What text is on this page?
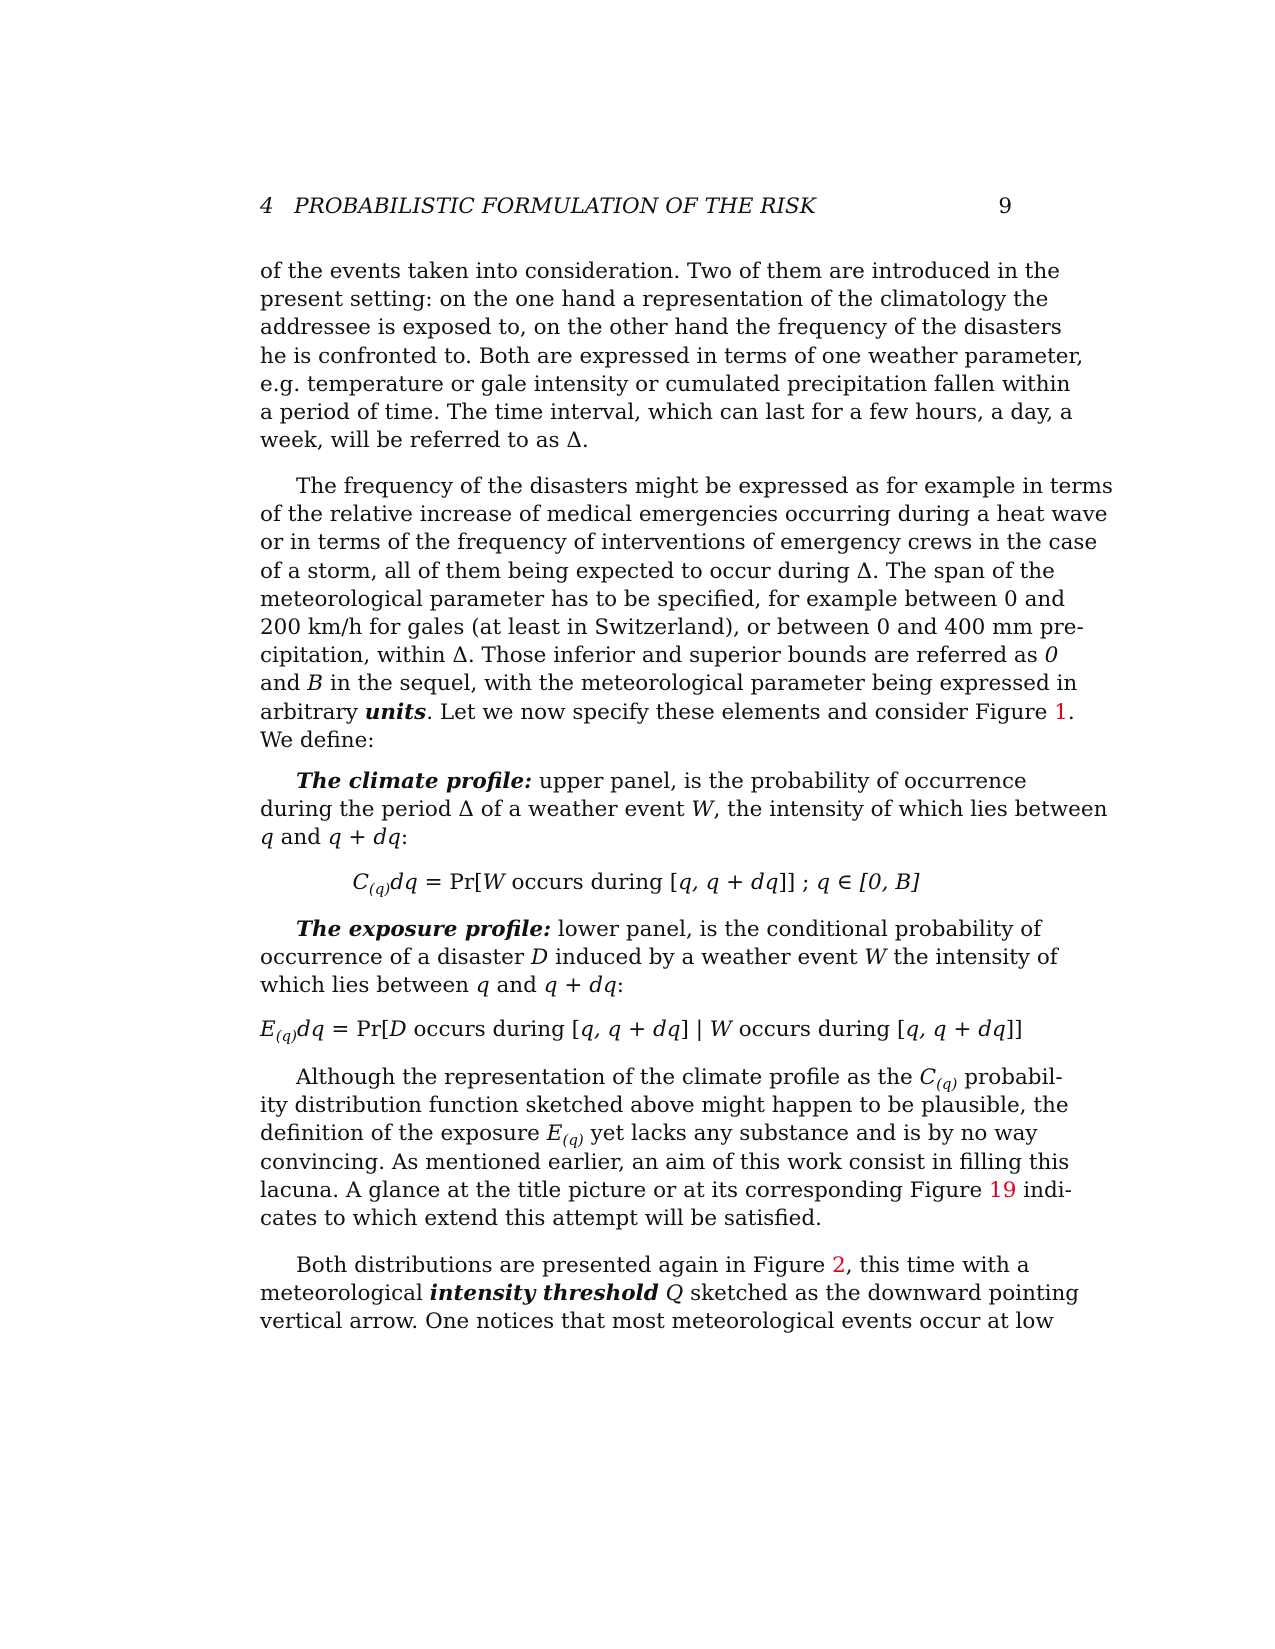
4   PROBABILISTIC FORMULATION OF THE RISK	9
of the events taken into consideration. Two of them are introduced in the
present setting: on the one hand a representation of the climatology the
addressee is exposed to, on the other hand the frequency of the disasters
he is confronted to. Both are expressed in terms of one weather parameter,
e.g. temperature or gale intensity or cumulated precipitation fallen within
a period of time. The time interval, which can last for a few hours, a day, a
week, will be referred to as Δ.
The frequency of the disasters might be expressed as for example in terms
of the relative increase of medical emergencies occurring during a heat wave
or in terms of the frequency of interventions of emergency crews in the case
of a storm, all of them being expected to occur during Δ. The span of the
meteorological parameter has to be specified, for example between 0 and
200 km/h for gales (at least in Switzerland), or between 0 and 400 mm pre-
cipitation, within Δ. Those inferior and superior bounds are referred as 0
and B in the sequel, with the meteorological parameter being expressed in
arbitrary units. Let we now specify these elements and consider Figure 1.
We define:
The climate profile: upper panel, is the probability of occurrence
during the period Δ of a weather event W, the intensity of which lies between
q and q + dq:
$C_{(q)}dq = Pr[W$ occurs during [q, q + dq]] ; q ∈ [0, B]
The exposure profile: lower panel, is the conditional probability of
occurrence of a disaster D induced by a weather event W the intensity of
which lies between q and q + dq:
$E_{(q)}dq = Pr[D$ occurs during [q, q + dq] | W occurs during [q, q + dq]]
Although the representation of the climate profile as the $C_{(q)}$ probabil-
ity distribution function sketched above might happen to be plausible, the
definition of the exposure $E_{(q)}$ yet lacks any substance and is by no way
convincing. As mentioned earlier, an aim of this work consist in filling this
lacuna. A glance at the title picture or at its corresponding Figure 19 indi-
cates to which extend this attempt will be satisfied.
Both distributions are presented again in Figure 2, this time with a
meteorological intensity threshold Q sketched as the downward pointing
vertical arrow. One notices that most meteorological events occur at low
